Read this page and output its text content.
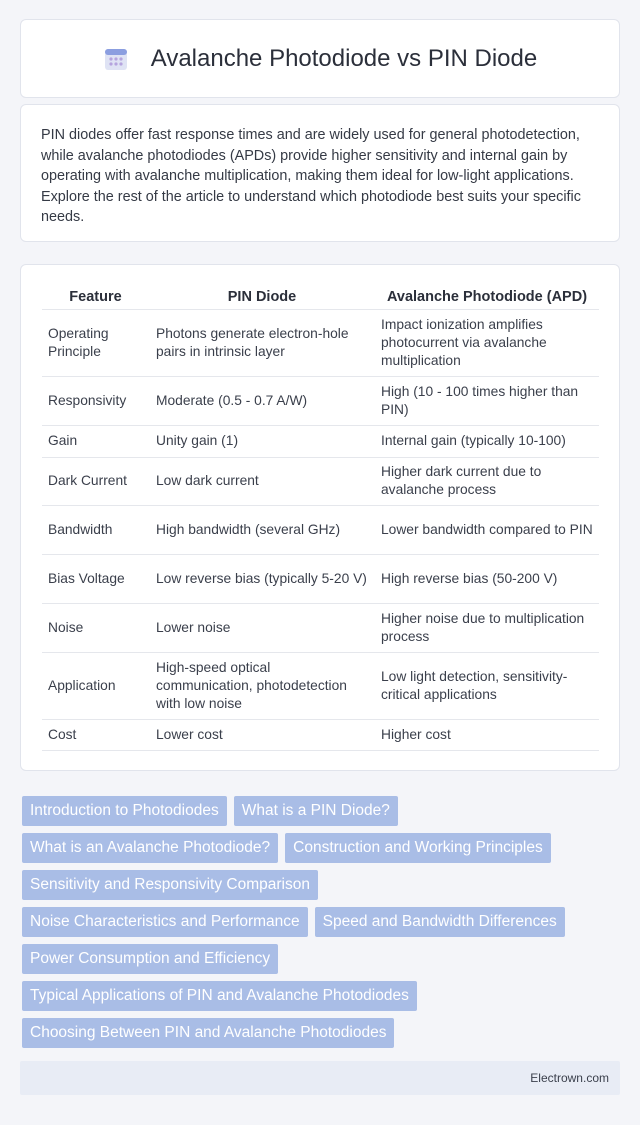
Avalanche Photodiode vs PIN Diode

PIN diodes offer fast response times and are widely used for general photodetection, while avalanche photodiodes (APDs) provide higher sensitivity and internal gain by operating with avalanche multiplication, making them ideal for low-light applications. Explore the rest of the article to understand which photodiode best suits your specific needs.

Feature	PIN Diode	Avalanche Photodiode (APD)
Operating Principle	Photons generate electron-hole pairs in intrinsic layer	Impact ionization amplifies photocurrent via avalanche multiplication
Responsivity	Moderate (0.5 - 0.7 A/W)	High (10 - 100 times higher than PIN)
Gain	Unity gain (1)	Internal gain (typically 10-100)
Dark Current	Low dark current	Higher dark current due to avalanche process
Bandwidth	High bandwidth (several GHz)	Lower bandwidth compared to PIN
Bias Voltage	Low reverse bias (typically 5-20 V)	High reverse bias (50-200 V)
Noise	Lower noise	Higher noise due to multiplication process
Application	High-speed optical communication, photodetection with low noise	Low light detection, sensitivity-critical applications
Cost	Lower cost	Higher cost
Introduction to Photodiodes	What is a PIN Diode?
What is an Avalanche Photodiode?	Construction and Working Principles
Sensitivity and Responsivity Comparison
Noise Characteristics and Performance	Speed and Bandwidth Differences
Power Consumption and Efficiency
Typical Applications of PIN and Avalanche Photodiodes
Choosing Between PIN and Avalanche Photodiodes
Electrown.com
